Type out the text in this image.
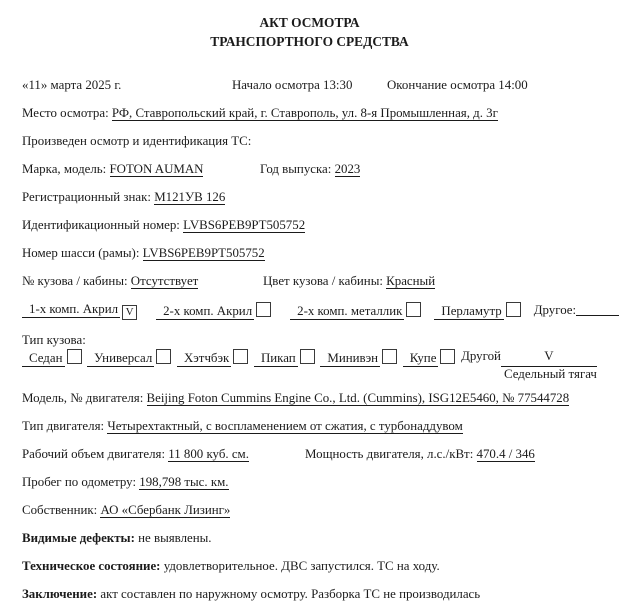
АКТ ОСМОТРА
ТРАНСПОРТНОГО СРЕДСТВА
«11» марта 2025 г.	Начало осмотра 13:30	Окончание осмотра 14:00
Место осмотра: РФ, Ставропольский край, г. Ставрополь, ул. 8-я Промышленная, д. 3г
Произведен осмотр и идентификация ТС:
Марка, модель: FOTON AUMAN	Год выпуска: 2023
Регистрационный знак: М121УВ 126
Идентификационный номер: LVBS6PEB9PT505752
Номер шасси (рамы): LVBS6PEB9PT505752
№ кузова / кабины: Отсутствует	Цвет кузова / кабины: Красный
1-х комп. Акрил V	2-х комп. Акрил	2-х комп. металлик	Перламутр	Другое:
Тип кузова:
Седан	Универсал	Хэтчбэк	Пикап	Минивэн	Купе	Другой	V
Седельный тягач
Модель, № двигателя: Beijing Foton Cummins Engine Co., Ltd. (Cummins), ISG12E5460, № 77544728
Тип двигателя: Четырехтактный, с воспламенением от сжатия, с турбонаддувом
Рабочий объем двигателя: 11 800 куб. см.	Мощность двигателя, л.с./кВт: 470.4 / 346
Пробег по одометру: 198,798 тыс. км.
Собственник: АО «Сбербанк Лизинг»
Видимые дефекты: не выявлены.
Техническое состояние: удовлетворительное. ДВС запустился. ТС на ходу.
Заключение: акт составлен по наружному осмотру. Разборка ТС не производилась
